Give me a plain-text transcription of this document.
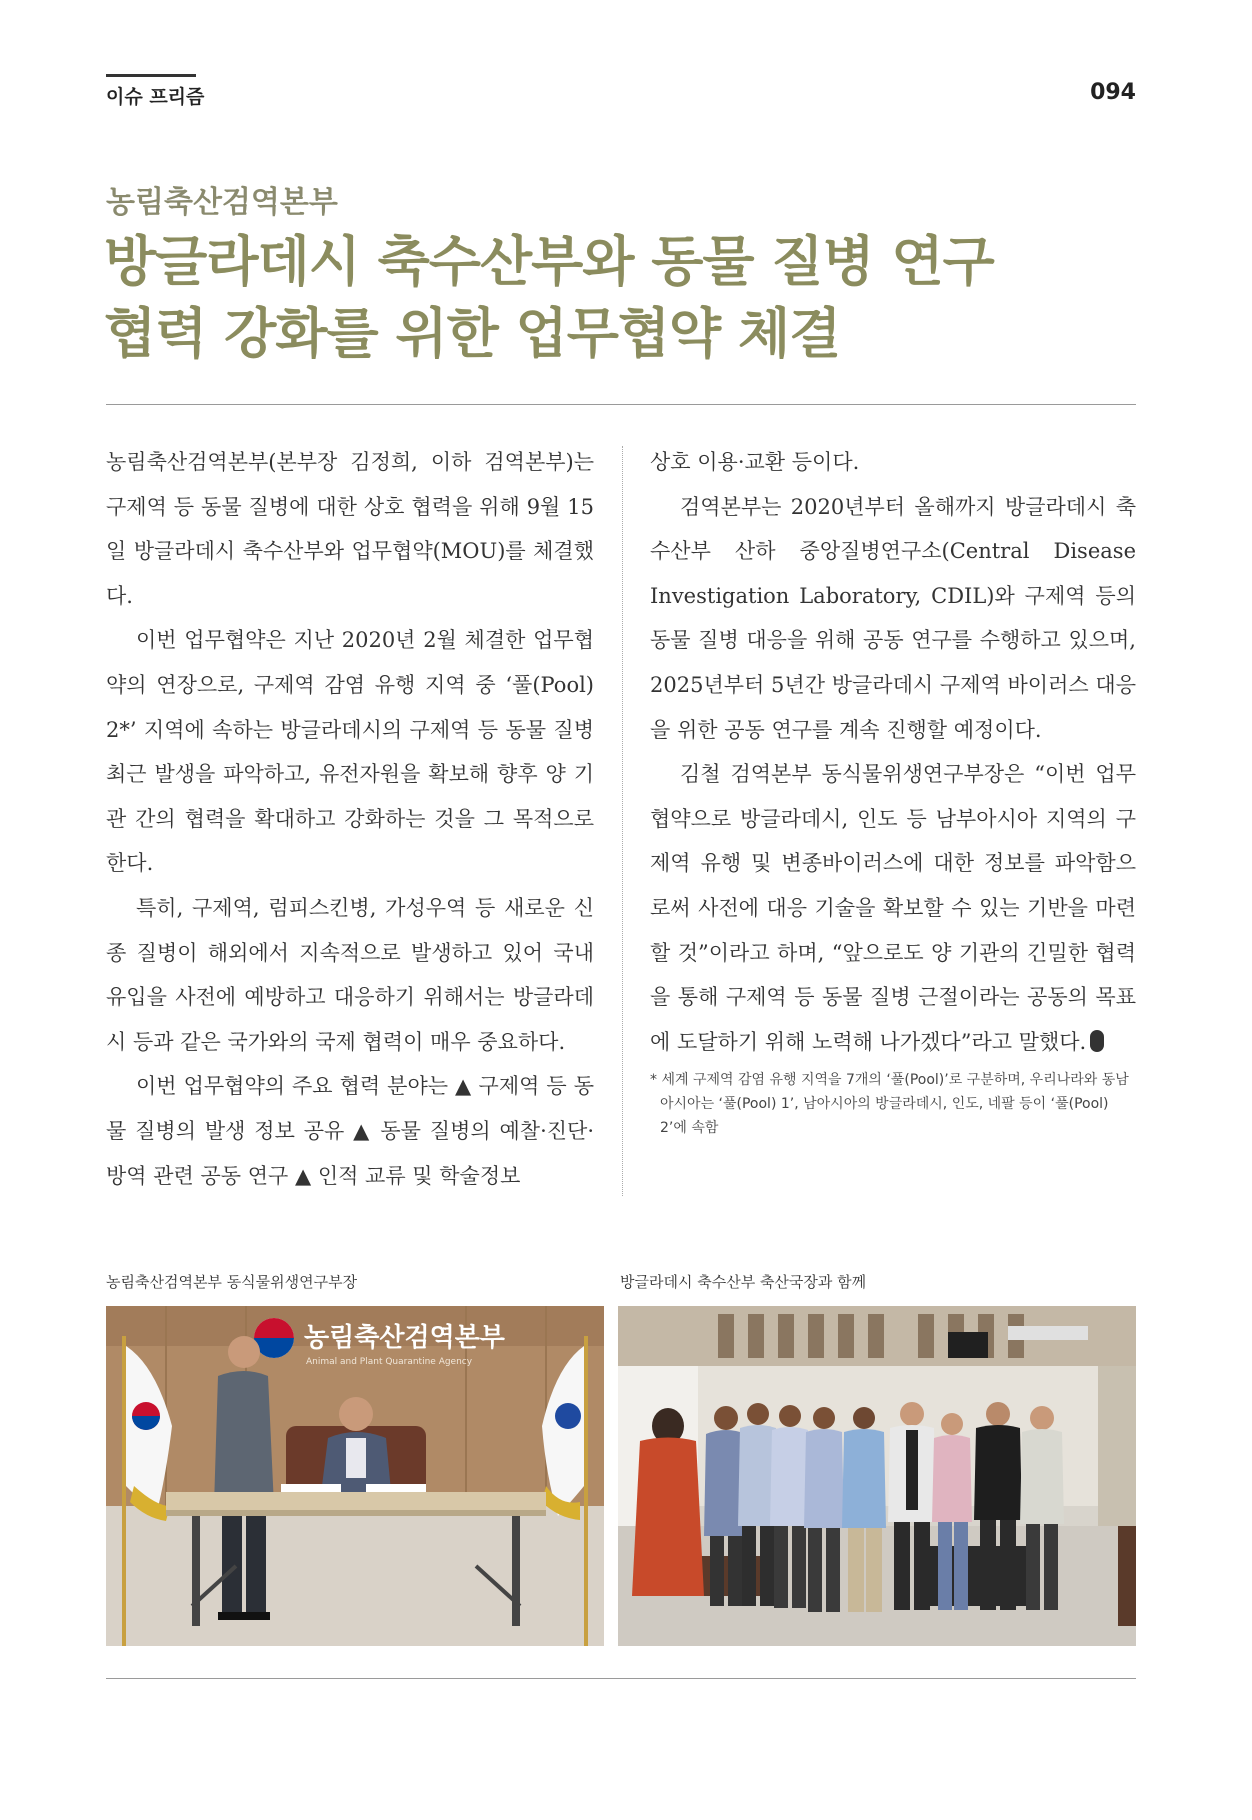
이슈 프리즘	094
농림축산검역본부
방글라데시 축수산부와 동물 질병 연구
협력 강화를 위한 업무협약 체결

농림축산검역본부(본부장 김정희, 이하 검역본부)는 구제역 등 동물 질병에 대한 상호 협력을 위해 9월 15일 방글라데시 축수산부와 업무협약(MOU)를 체결했다.

이번 업무협약은 지난 2020년 2월 체결한 업무협약의 연장으로, 구제역 감염 유행 지역 중 ‘풀(Pool) 2*’ 지역에 속하는 방글라데시의 구제역 등 동물 질병 최근 발생을 파악하고, 유전자원을 확보해 향후 양 기관 간의 협력을 확대하고 강화하는 것을 그 목적으로 한다.

특히, 구제역, 럼피스킨병, 가성우역 등 새로운 신종 질병이 해외에서 지속적으로 발생하고 있어 국내 유입을 사전에 예방하고 대응하기 위해서는 방글라데시 등과 같은 국가와의 국제 협력이 매우 중요하다.

이번 업무협약의 주요 협력 분야는 ▲ 구제역 등 동물 질병의 발생 정보 공유 ▲ 동물 질병의 예찰·진단·방역 관련 공동 연구 ▲ 인적 교류 및 학술정보

상호 이용·교환 등이다.

검역본부는 2020년부터 올해까지 방글라데시 축수산부 산하 중앙질병연구소(Central Disease Investigation Laboratory, CDIL)와 구제역 등의 동물 질병 대응을 위해 공동 연구를 수행하고 있으며, 2025년부터 5년간 방글라데시 구제역 바이러스 대응을 위한 공동 연구를 계속 진행할 예정이다.

김철 검역본부 동식물위생연구부장은 “이번 업무협약으로 방글라데시, 인도 등 남부아시아 지역의 구제역 유행 및 변종바이러스에 대한 정보를 파악함으로써 사전에 대응 기술을 확보할 수 있는 기반을 마련할 것”이라고 하며, “앞으로도 양 기관의 긴밀한 협력을 통해 구제역 등 동물 질병 근절이라는 공동의 목표에 도달하기 위해 노력해 나가겠다”라고 말했다.

* 세계 구제역 감염 유행 지역을 7개의 ‘풀(Pool)’로 구분하며, 우리나라와 동남아시아는 ‘풀(Pool) 1’, 남아시아의 방글라데시, 인도, 네팔 등이 ‘풀(Pool) 2’에 속함
농림축산검역본부 동식물위생연구부장	방글라데시 축수산부 축산국장과 함께
농림축산검역본부
Animal and Plant Quarantine Agency
